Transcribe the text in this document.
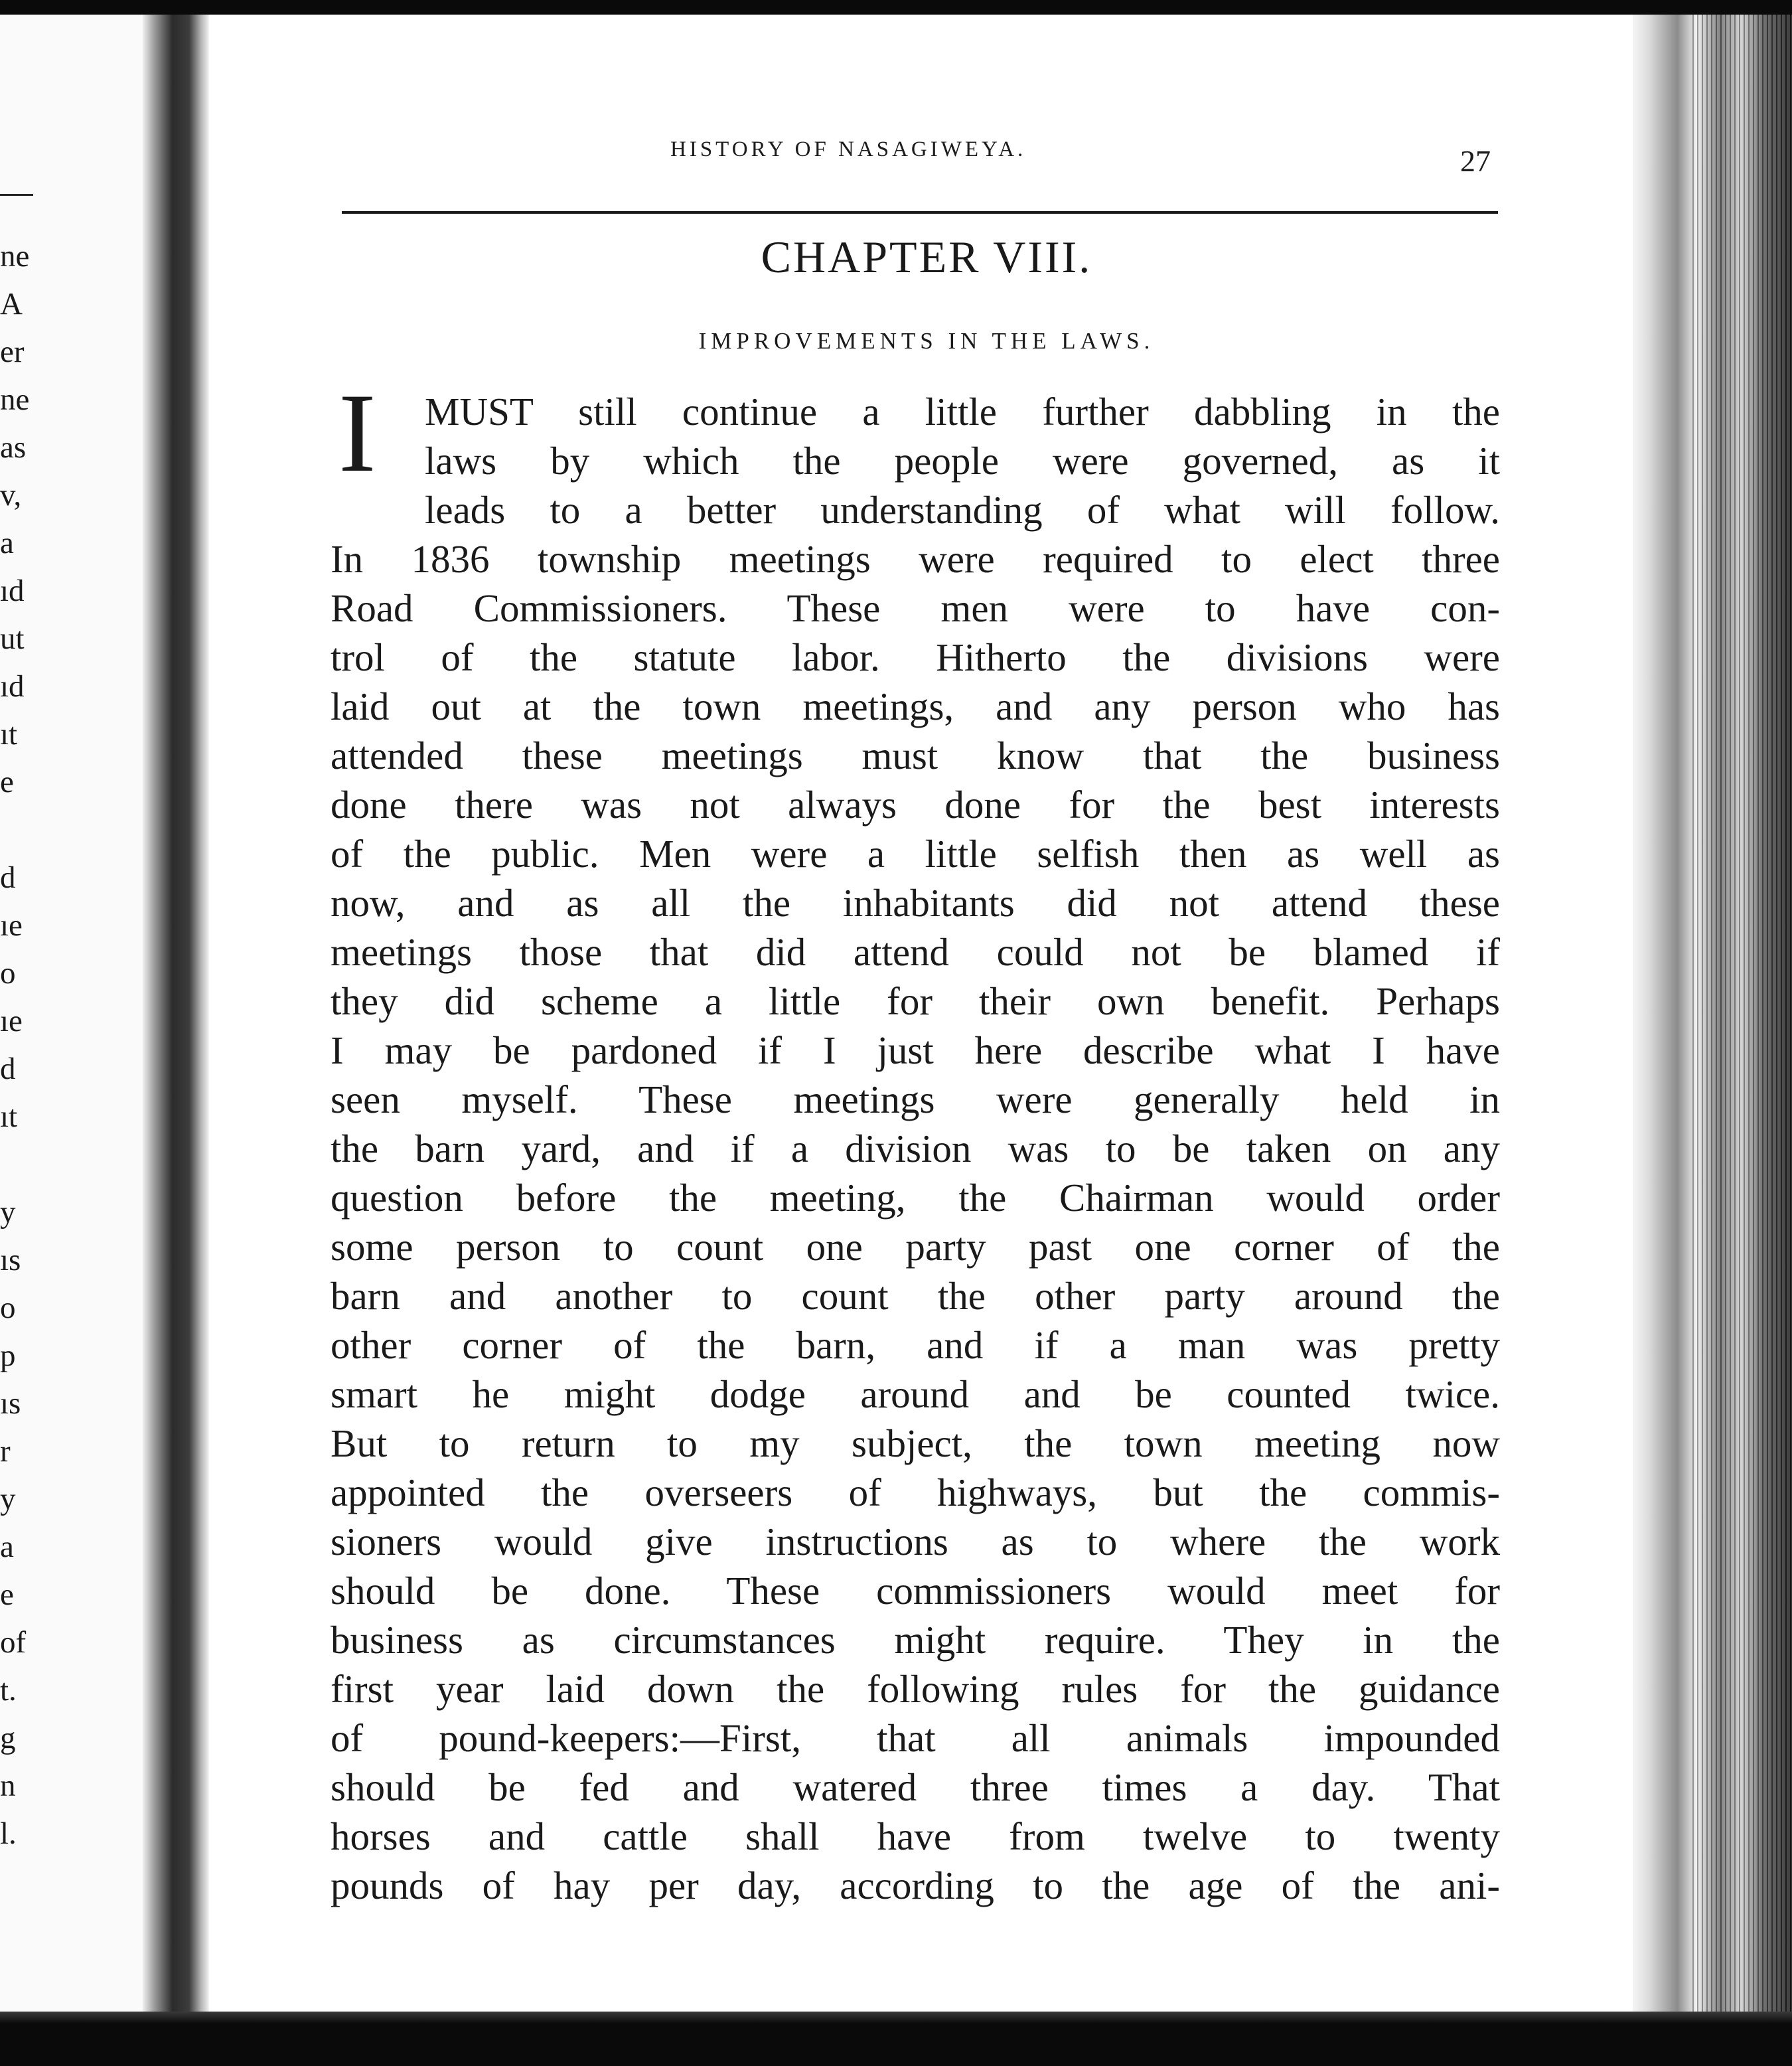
ne
A
er
ne
as
v,
a
ıd
ut
ıd
ıt
e
d
ıe
o
ıe
d
ıt
y
ıs
o
p
ıs
r
y
a
e
of
t.
g
n
l.
HISTORY OF NASAGIWEYA.	27
CHAPTER VIII.
IMPROVEMENTS IN THE LAWS.
I	MUST still continue a little further dabbling in the
laws by which the people were governed, as it
leads to a better understanding of what will follow.
In 1836 township meetings were required to elect three
Road Commissioners. These men were to have con-
trol of the statute labor. Hitherto the divisions were
laid out at the town meetings, and any person who has
attended these meetings must know that the business
done there was not always done for the best interests
of the public. Men were a little selfish then as well as
now, and as all the inhabitants did not attend these
meetings those that did attend could not be blamed if
they did scheme a little for their own benefit. Perhaps
I may be pardoned if I just here describe what I have
seen myself. These meetings were generally held in
the barn yard, and if a division was to be taken on any
question before the meeting, the Chairman would order
some person to count one party past one corner of the
barn and another to count the other party around the
other corner of the barn, and if a man was pretty
smart he might dodge around and be counted twice.
But to return to my subject, the town meeting now
appointed the overseers of highways, but the commis-
sioners would give instructions as to where the work
should be done. These commissioners would meet for
business as circumstances might require. They in the
first year laid down the following rules for the guidance
of pound-keepers:—First, that all animals impounded
should be fed and watered three times a day. That
horses and cattle shall have from twelve to twenty
pounds of hay per day, according to the age of the ani-
